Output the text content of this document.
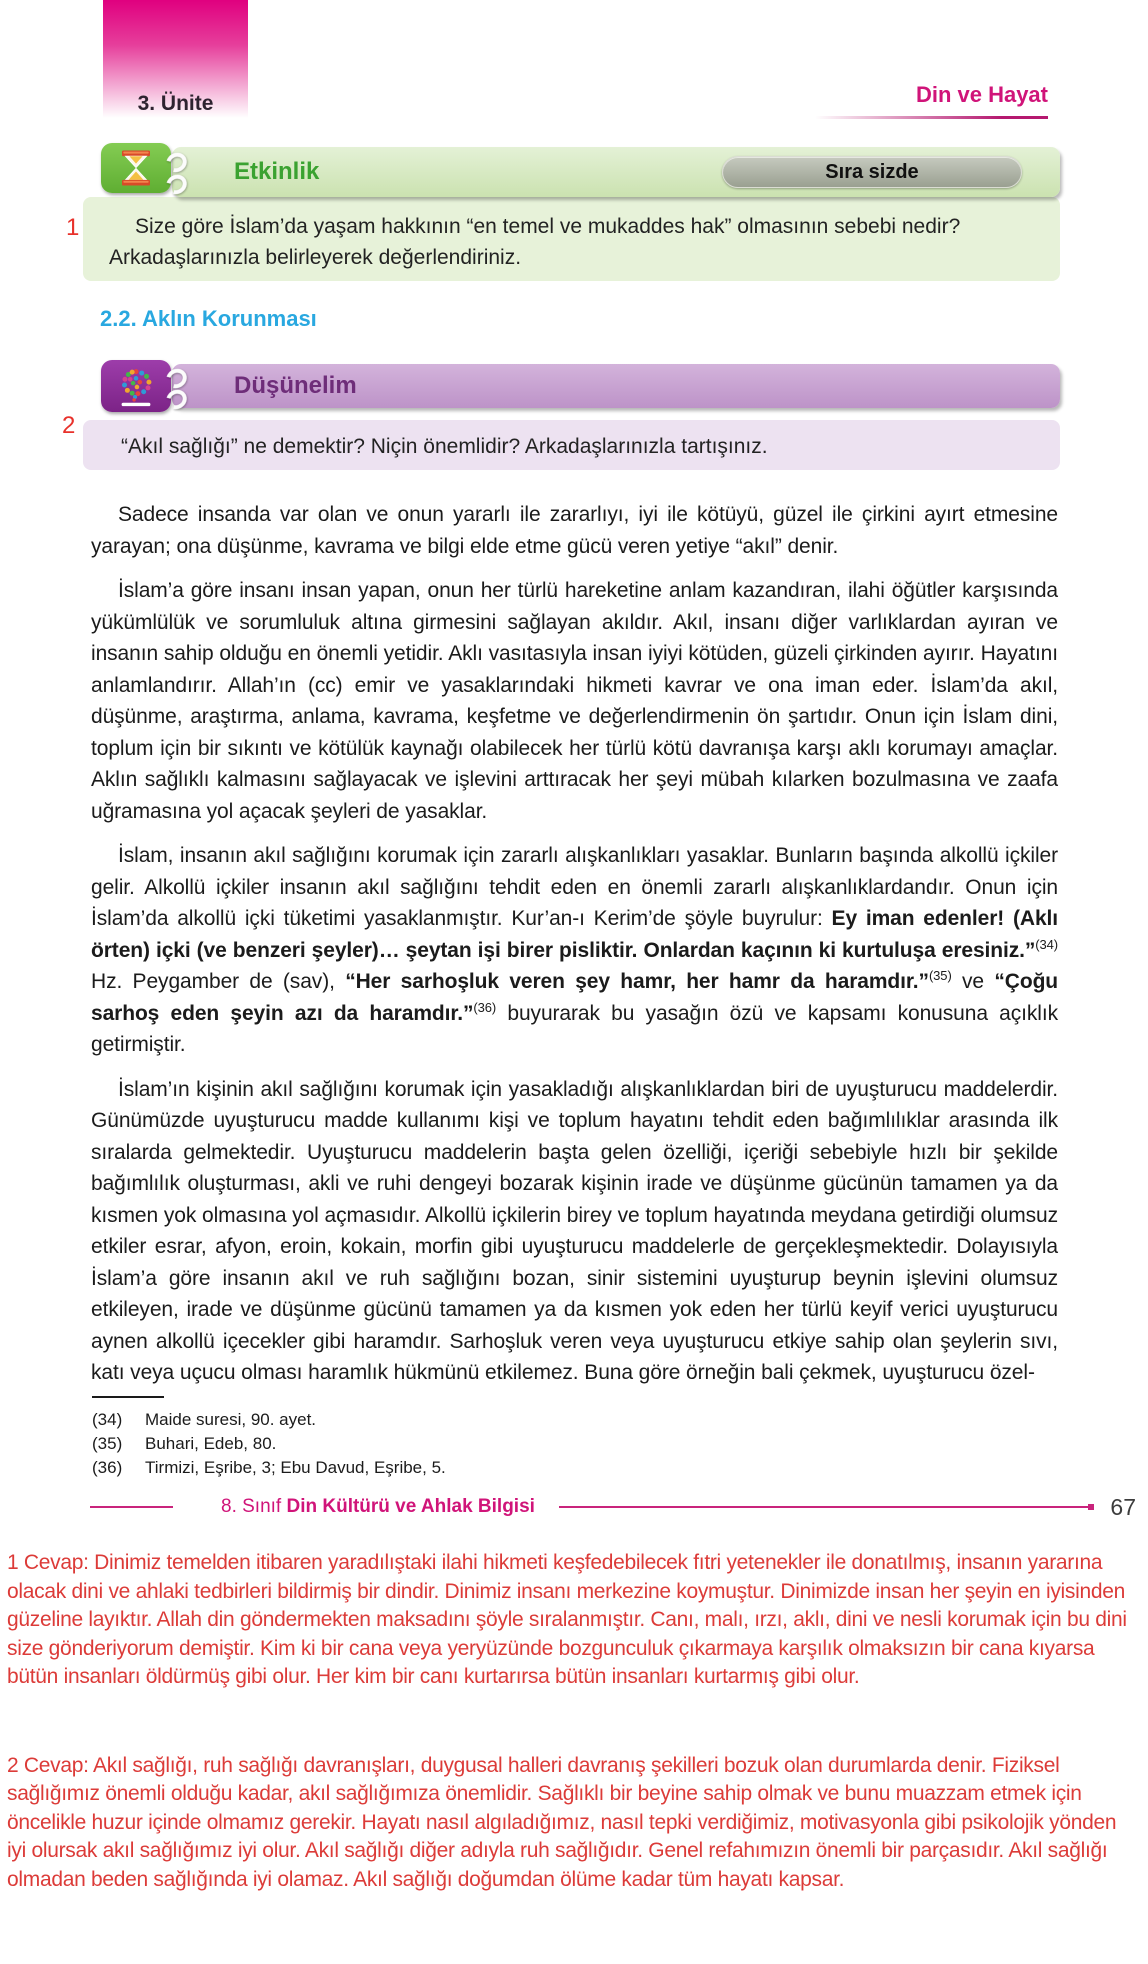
3. Ünite	Din ve Hayat
Etkinlik	Sıra sizde
1	Size göre İslam’da yaşam hakkının “en temel ve mukaddes hak” olmasının sebebi nedir? Arkadaşlarınızla belirleyerek değerlendiriniz.

2.2. Aklın Korunması
Düşünelim
2

“Akıl sağlığı” ne demektir? Niçin önemlidir? Arkadaşlarınızla tartışınız.

Sadece insanda var olan ve onun yararlı ile zararlıyı, iyi ile kötüyü, güzel ile çirkini ayırt etmesine yarayan; ona düşünme, kavrama ve bilgi elde etme gücü veren yetiye “akıl” denir.

İslam’a göre insanı insan yapan, onun her türlü hareketine anlam kazandıran, ilahi öğütler karşısında yükümlülük ve sorumluluk altına girmesini sağlayan akıldır. Akıl, insanı diğer varlıklardan ayıran ve insanın sahip olduğu en önemli yetidir. Aklı vasıtasıyla insan iyiyi kötüden, güzeli çirkinden ayırır. Hayatını anlamlandırır. Allah’ın (cc) emir ve yasaklarındaki hikmeti kavrar ve ona iman eder. İslam’da akıl, düşünme, araştırma, anlama, kavrama, keşfetme ve değerlendirmenin ön şartıdır. Onun için İslam dini, toplum için bir sıkıntı ve kötülük kaynağı olabilecek her türlü kötü davranışa karşı aklı korumayı amaçlar. Aklın sağlıklı kalmasını sağlayacak ve işlevini arttıracak her şeyi mübah kılarken bozulmasına ve zaafa uğramasına yol açacak şeyleri de yasaklar.

İslam, insanın akıl sağlığını korumak için zararlı alışkanlıkları yasaklar. Bunların başında alkollü içkiler gelir. Alkollü içkiler insanın akıl sağlığını tehdit eden en önemli zararlı alışkanlıklardandır. Onun için İslam’da alkollü içki tüketimi yasaklanmıştır. Kur’an-ı Kerim’de şöyle buyrulur: Ey iman edenler! (Aklı örten) içki (ve benzeri şeyler)… şeytan işi birer pisliktir. Onlardan kaçının ki kurtuluşa eresiniz.”$^{(34)}$ Hz. Peygamber de (sav), “Her sarhoşluk veren şey hamr, her hamr da haramdır.”$^{(35)}$ ve “Çoğu sarhoş eden şeyin azı da haramdır.”$^{(36)}$ buyurarak bu yasağın özü ve kapsamı konusuna açıklık getirmiştir.

İslam’ın kişinin akıl sağlığını korumak için yasakladığı alışkanlıklardan biri de uyuşturucu maddelerdir. Günümüzde uyuşturucu madde kullanımı kişi ve toplum hayatını tehdit eden bağımlılıklar arasında ilk sıralarda gelmektedir. Uyuşturucu maddelerin başta gelen özelliği, içeriği sebebiyle hızlı bir şekilde bağımlılık oluşturması, akli ve ruhi dengeyi bozarak kişinin irade ve düşünme gücünün tamamen ya da kısmen yok olmasına yol açmasıdır. Alkollü içkilerin birey ve toplum hayatında meydana getirdiği olumsuz etkiler esrar, afyon, eroin, kokain, morfin gibi uyuşturucu maddelerle de gerçekleşmektedir. Dolayısıyla İslam’a göre insanın akıl ve ruh sağlığını bozan, sinir sistemini uyuşturup beynin işlevini olumsuz etkileyen, irade ve düşünme gücünü tamamen ya da kısmen yok eden her türlü keyif verici uyuşturucu aynen alkollü içecekler gibi haramdır. Sarhoşluk veren veya uyuşturucu etkiye sahip olan şeylerin sıvı, katı veya uçucu olması haramlık hükmünü etkilemez. Buna göre örneğin bali çekmek, uyuşturucu özel-

(34)	Maide suresi, 90. ayet.
(35)	Buhari, Edeb, 80.
(36)	Tirmizi, Eşribe, 3; Ebu Davud, Eşribe, 5.
8. Sınıf Din Kültürü ve Ahlak Bilgisi	67

1 Cevap: Dinimiz temelden itibaren yaradılıştaki ilahi hikmeti keşfedebilecek fıtri yetenekler ile donatılmış, insanın yararına olacak dini ve ahlaki tedbirleri bildirmiş bir dindir. Dinimiz insanı merkezine koymuştur. Dinimizde insan her şeyin en iyisinden güzeline layıktır. Allah din göndermekten maksadını şöyle sıralanmıştır. Canı, malı, ırzı, aklı, dini ve nesli korumak için bu dini size gönderiyorum demiştir. Kim ki bir cana veya yeryüzünde bozgunculuk çıkarmaya karşılık olmaksızın bir cana kıyarsa bütün insanları öldürmüş gibi olur. Her kim bir canı kurtarırsa bütün insanları kurtarmış gibi olur.

2 Cevap: Akıl sağlığı, ruh sağlığı davranışları, duygusal halleri davranış şekilleri bozuk olan durumlarda denir. Fiziksel sağlığımız önemli olduğu kadar, akıl sağlığımıza önemlidir. Sağlıklı bir beyine sahip olmak ve bunu muazzam etmek için öncelikle huzur içinde olmamız gerekir. Hayatı nasıl algıladığımız, nasıl tepki verdiğimiz, motivasyonla gibi psikolojik yönden iyi olursak akıl sağlığımız iyi olur. Akıl sağlığı diğer adıyla ruh sağlığıdır. Genel refahımızın önemli bir parçasıdır. Akıl sağlığı olmadan beden sağlığında iyi olamaz. Akıl sağlığı doğumdan ölüme kadar tüm hayatı kapsar.
